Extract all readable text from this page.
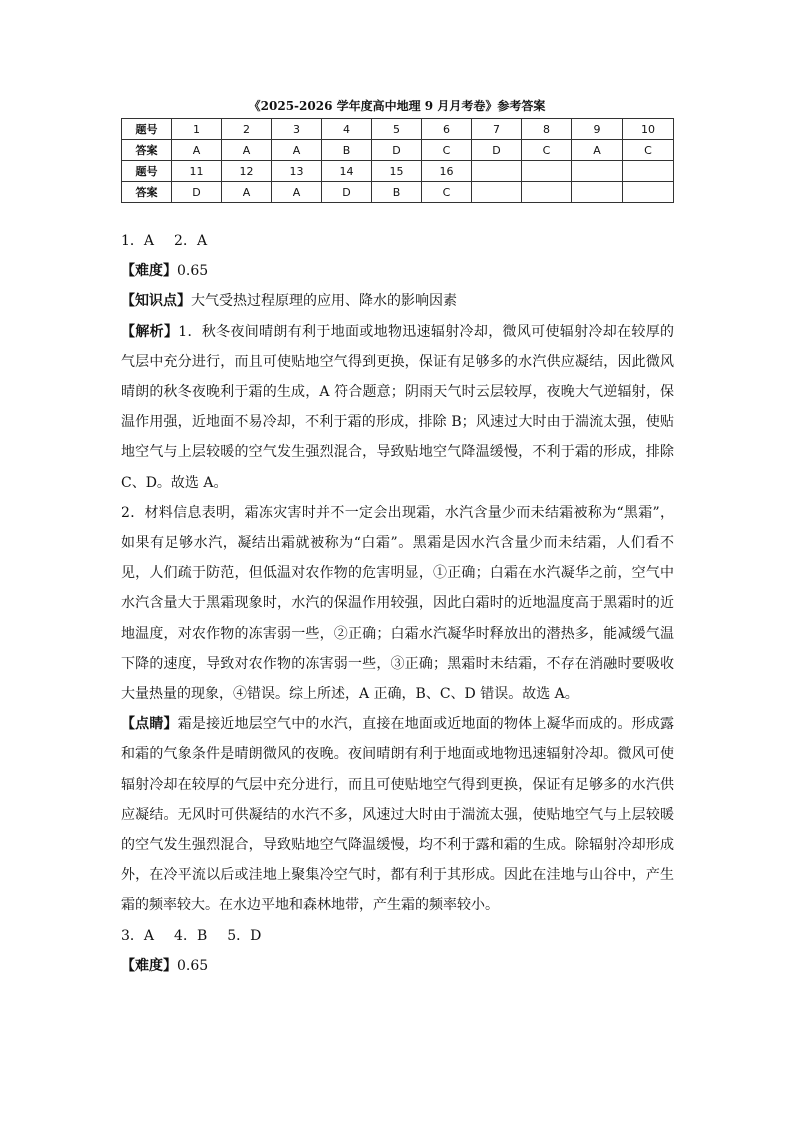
《2025-2026 学年度高中地理 9 月月考卷》参考答案
题号	1	2	3	4	5	6	7	8	9	10
答案	A	A	A	B	D	C	D	C	A	C
题号	11	12	13	14	15	16				
答案	D	A	A	D	B	C				

1．A 2．A

【难度】0.65

【知识点】大气受热过程原理的应用、降水的影响因素

【解析】1．秋冬夜间晴朗有利于地面或地物迅速辐射冷却，微风可使辐射冷却在较厚的气层中充分进行，而且可使贴地空气得到更换，保证有足够多的水汽供应凝结，因此微风晴朗的秋冬夜晚利于霜的生成，A 符合题意；阴雨天气时云层较厚，夜晚大气逆辐射，保温作用强，近地面不易冷却，不利于霜的形成，排除 B；风速过大时由于湍流太强，使贴地空气与上层较暖的空气发生强烈混合，导致贴地空气降温缓慢，不利于霜的形成，排除 C、D。故选 A。

2．材料信息表明，霜冻灾害时并不一定会出现霜，水汽含量少而未结霜被称为“黑霜”，如果有足够水汽，凝结出霜就被称为“白霜”。黑霜是因水汽含量少而未结霜，人们看不见，人们疏于防范，但低温对农作物的危害明显，①正确；白霜在水汽凝华之前，空气中水汽含量大于黑霜现象时，水汽的保温作用较强，因此白霜时的近地温度高于黑霜时的近地温度，对农作物的冻害弱一些，②正确；白霜水汽凝华时释放出的潜热多，能减缓气温下降的速度，导致对农作物的冻害弱一些，③正确；黑霜时未结霜，不存在消融时要吸收大量热量的现象，④错误。综上所述，A 正确，B、C、D 错误。故选 A。

【点睛】霜是接近地层空气中的水汽，直接在地面或近地面的物体上凝华而成的。形成露和霜的气象条件是晴朗微风的夜晚。夜间晴朗有利于地面或地物迅速辐射冷却。微风可使辐射冷却在较厚的气层中充分进行，而且可使贴地空气得到更换，保证有足够多的水汽供应凝结。无风时可供凝结的水汽不多，风速过大时由于湍流太强，使贴地空气与上层较暖的空气发生强烈混合，导致贴地空气降温缓慢，均不利于露和霜的生成。除辐射冷却形成外，在冷平流以后或洼地上聚集冷空气时，都有利于其形成。因此在洼地与山谷中，产生霜的频率较大。在水边平地和森林地带，产生霜的频率较小。

3．A 4．B 5．D

【难度】0.65
